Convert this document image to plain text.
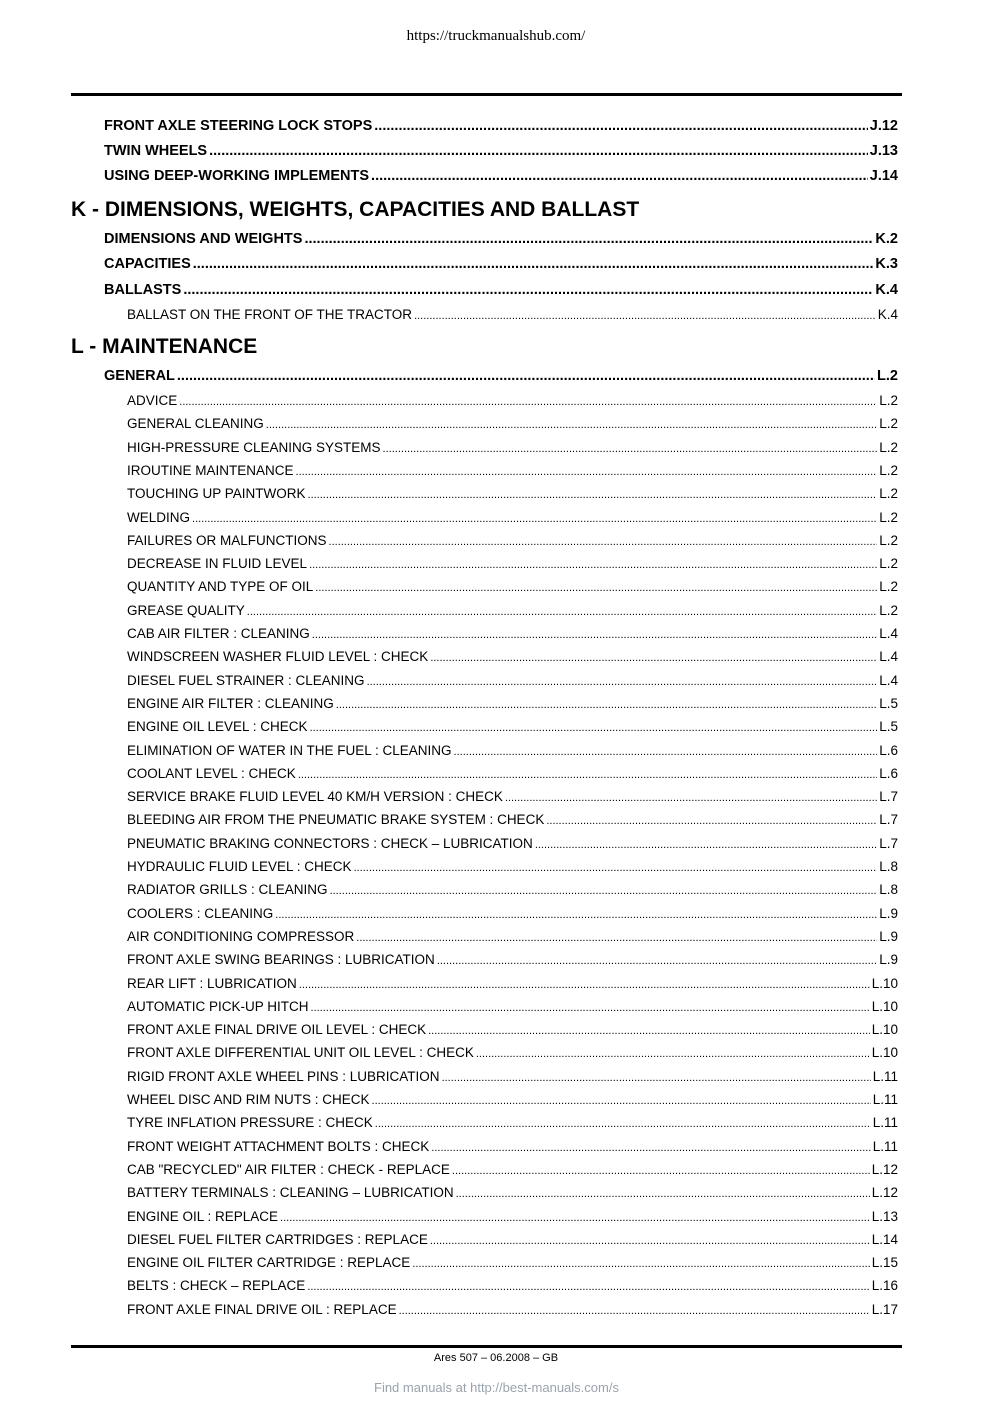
https://truckmanualshub.com/
FRONT AXLE STEERING LOCK STOPS .....	J.12
TWIN WHEELS .....	J.13
USING DEEP-WORKING IMPLEMENTS .....	J.14
K - DIMENSIONS, WEIGHTS, CAPACITIES AND BALLAST
DIMENSIONS AND WEIGHTS .....	K.2
CAPACITIES .....	K.3
BALLASTS .....	K.4
BALLAST ON THE FRONT OF THE TRACTOR .....	K.4
L - MAINTENANCE
GENERAL .....	L.2
ADVICE .....	L.2
GENERAL CLEANING .....	L.2
HIGH-PRESSURE CLEANING SYSTEMS .....	L.2
IROUTINE MAINTENANCE .....	L.2
TOUCHING UP PAINTWORK .....	L.2
WELDING .....	L.2
FAILURES OR MALFUNCTIONS .....	L.2
DECREASE IN FLUID LEVEL .....	L.2
QUANTITY AND TYPE OF OIL .....	L.2
GREASE QUALITY .....	L.2
CAB AIR FILTER : CLEANING .....	L.4
WINDSCREEN WASHER FLUID LEVEL : CHECK .....	L.4
DIESEL FUEL STRAINER : CLEANING .....	L.4
ENGINE AIR FILTER : CLEANING .....	L.5
ENGINE OIL LEVEL : CHECK .....	L.5
ELIMINATION OF WATER IN THE FUEL : CLEANING .....	L.6
COOLANT LEVEL : CHECK .....	L.6
SERVICE BRAKE FLUID LEVEL 40 KM/H VERSION : CHECK .....	L.7
BLEEDING AIR FROM THE PNEUMATIC BRAKE SYSTEM : CHECK .....	L.7
PNEUMATIC BRAKING CONNECTORS : CHECK – LUBRICATION .....	L.7
HYDRAULIC FLUID LEVEL : CHECK .....	L.8
RADIATOR GRILLS : CLEANING .....	L.8
COOLERS : CLEANING .....	L.9
AIR CONDITIONING COMPRESSOR .....	L.9
FRONT AXLE SWING BEARINGS : LUBRICATION .....	L.9
REAR LIFT : LUBRICATION .....	L.10
AUTOMATIC PICK-UP HITCH .....	L.10
FRONT AXLE FINAL DRIVE OIL LEVEL : CHECK .....	L.10
FRONT AXLE DIFFERENTIAL UNIT OIL LEVEL : CHECK .....	L.10
RIGID FRONT AXLE WHEEL PINS : LUBRICATION .....	L.11
WHEEL DISC AND RIM NUTS : CHECK .....	L.11
TYRE INFLATION PRESSURE : CHECK .....	L.11
FRONT WEIGHT ATTACHMENT BOLTS : CHECK .....	L.11
CAB "RECYCLED" AIR FILTER : CHECK - REPLACE .....	L.12
BATTERY TERMINALS : CLEANING – LUBRICATION .....	L.12
ENGINE OIL : REPLACE .....	L.13
DIESEL FUEL FILTER CARTRIDGES : REPLACE .....	L.14
ENGINE OIL FILTER CARTRIDGE : REPLACE .....	L.15
BELTS : CHECK – REPLACE .....	L.16
FRONT AXLE FINAL DRIVE OIL : REPLACE .....	L.17
Ares 507 – 06.2008 – GB
Find manuals at http://best-manuals.com/s
